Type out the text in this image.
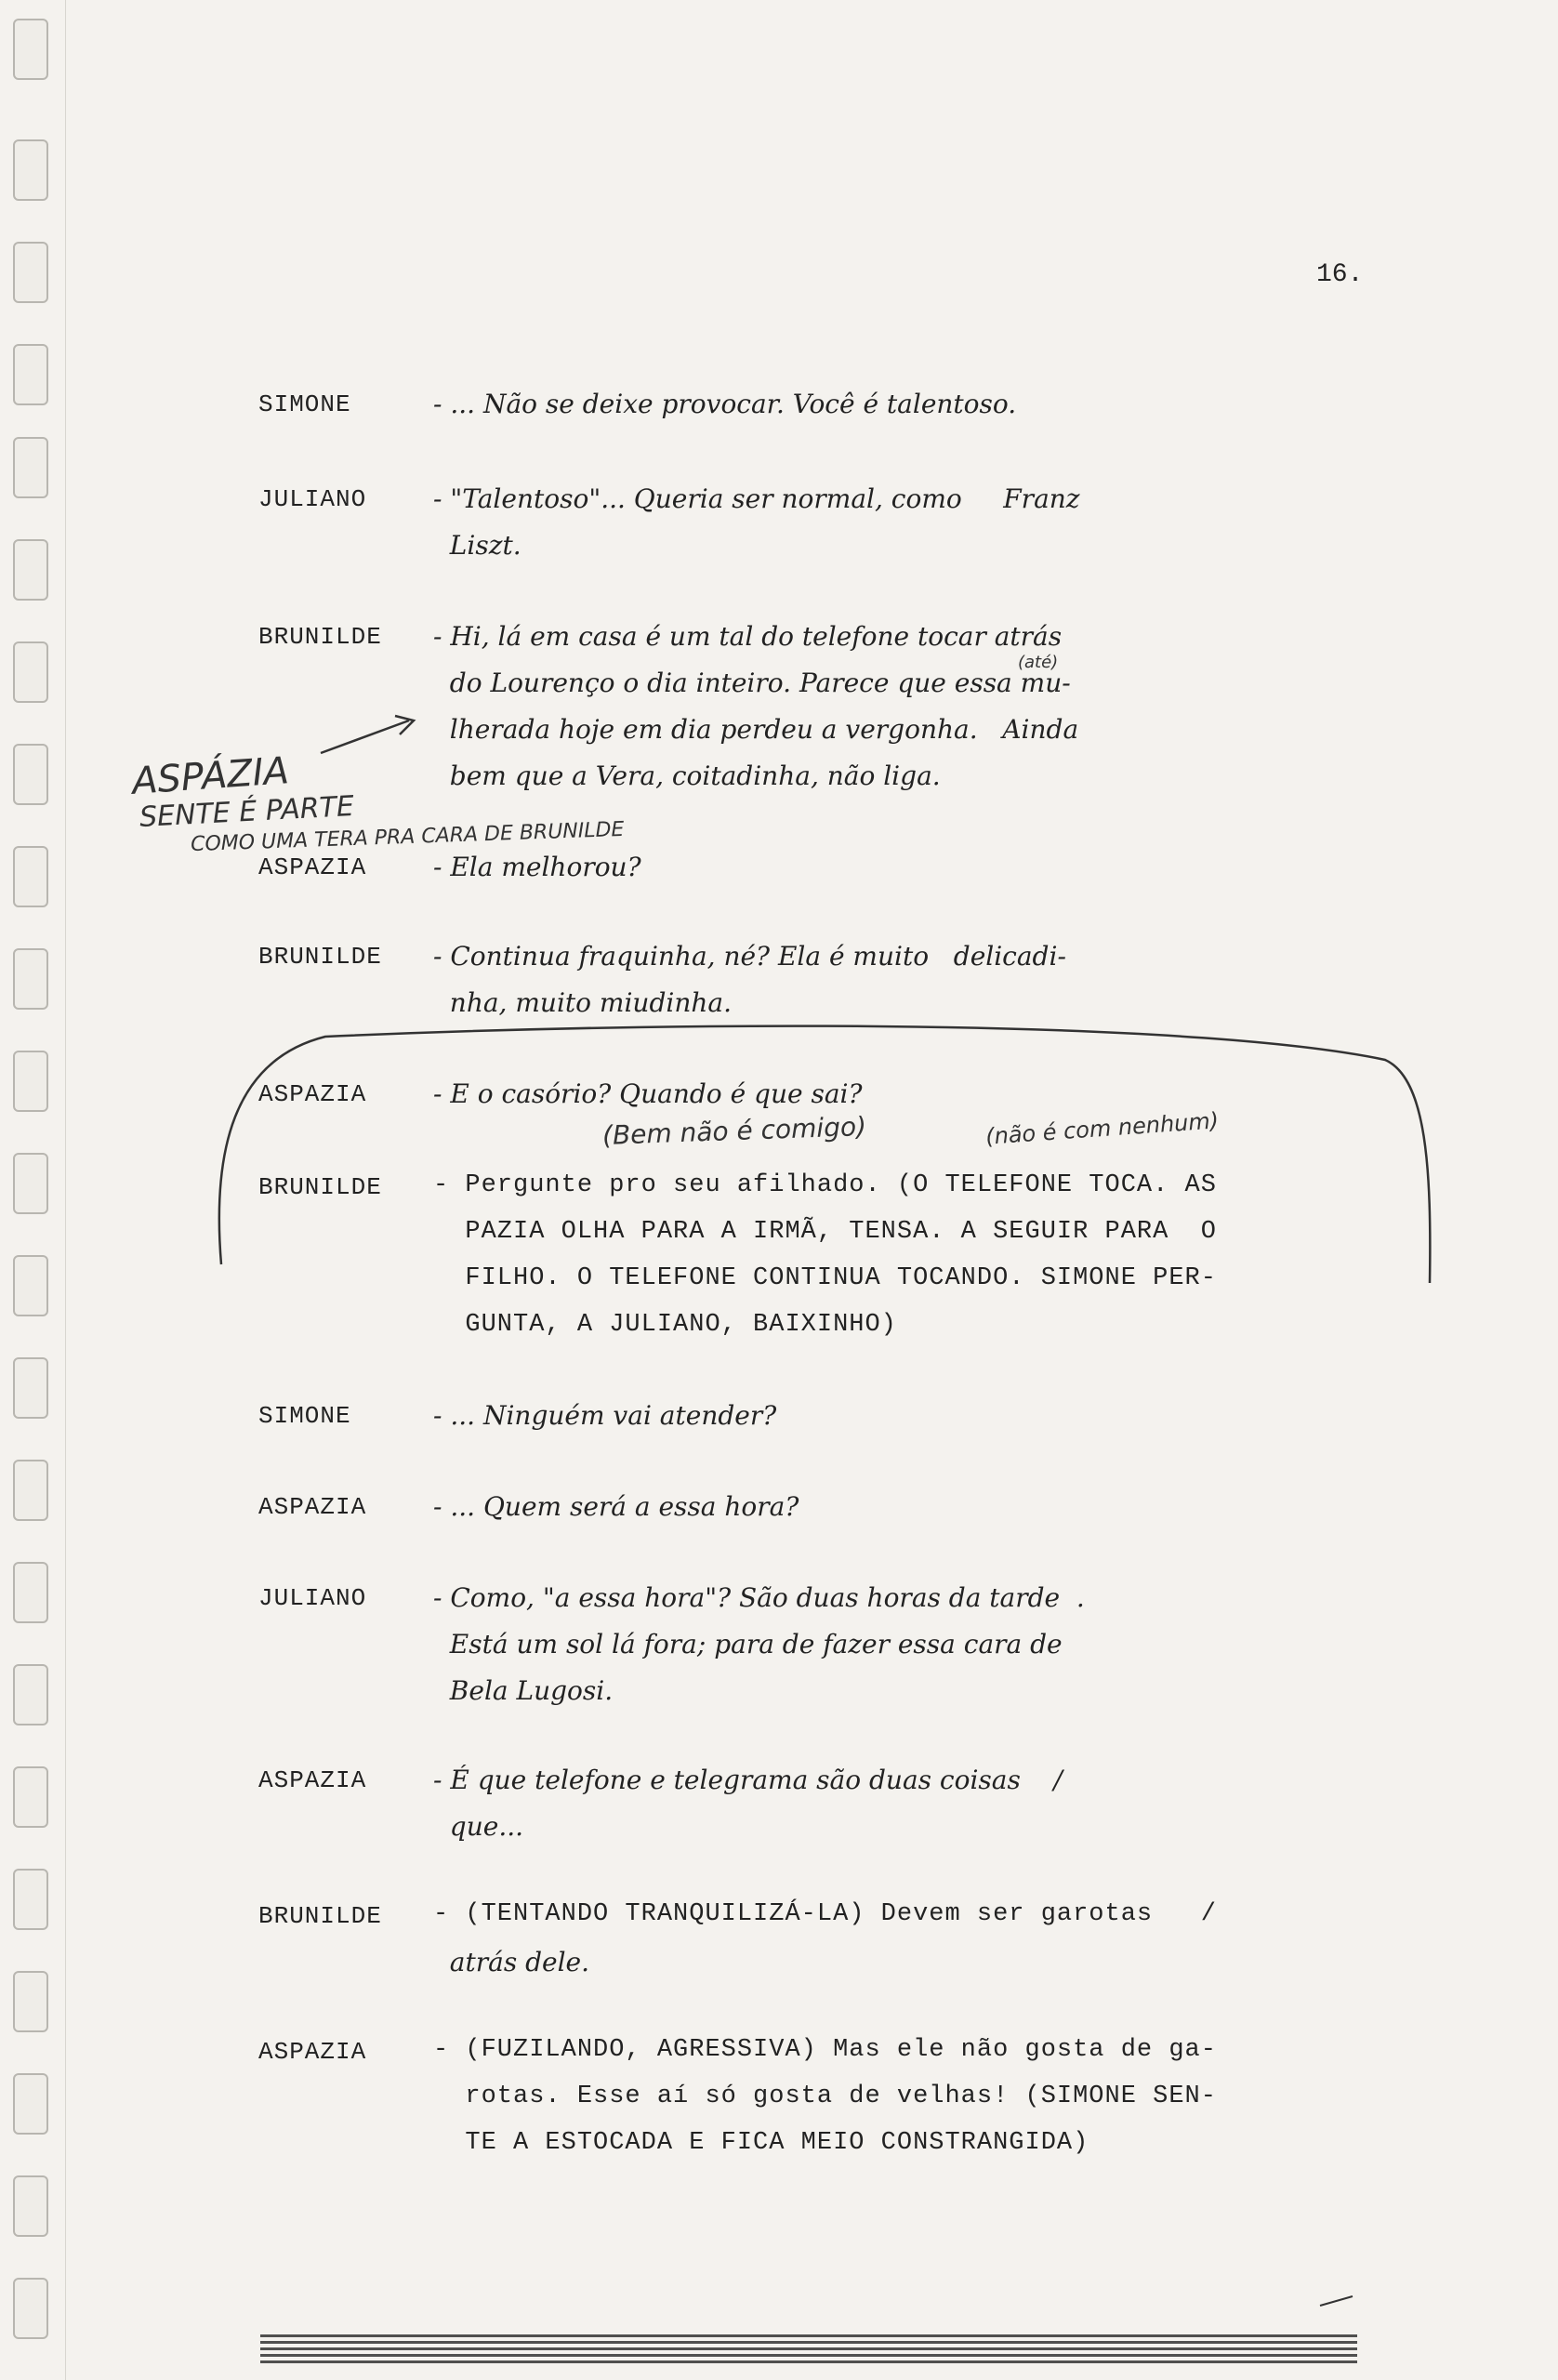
16.
SIMONE	- ... Não se deixe provocar. Você é talentoso.
JULIANO	- "Talentoso"... Queria ser normal, como     Franz
Liszt.
BRUNILDE - Hi, lá em casa é um tal do telefone tocar atrás
do Lourenço o dia inteiro. Parece que essa mu-
lherada hoje em dia perdeu a vergonha.   Ainda
bem que a Vera, coitadinha, não liga.
ASPAZIA	- Ela melhorou?
BRUNILDE - Continua fraquinha, né? Ela é muito   delicadi-
nha, muito miudinha.
ASPAZIA	- E o casório? Quando é que sai?
BRUNILDE - Pergunte pro seu afilhado. (O TELEFONE TOCA. AS
PAZIA OLHA PARA A IRMÃ, TENSA. A SEGUIR PARA  O
FILHO. O TELEFONE CONTINUA TOCANDO. SIMONE PER-
GUNTA, A JULIANO, BAIXINHO)
SIMONE	- ... Ninguém vai atender?
ASPAZIA	- ... Quem será a essa hora?
JULIANO	- Como, "a essa hora"? São duas horas da tarde  .
Está um sol lá fora; para de fazer essa cara de
Bela Lugosi.
ASPAZIA	- É que telefone e telegrama são duas coisas    /
que...
BRUNILDE - (TENTANDO TRANQUILIZÁ-LA) Devem ser garotas   /
atrás dele.
ASPAZIA	- (FUZILANDO, AGRESSIVA) Mas ele não gosta de ga-
rotas. Esse aí só gosta de velhas! (SIMONE SEN-
TE A ESTOCADA E FICA MEIO CONSTRANGIDA)
ASPÁZIA
SENTE É PARTE
COMO UMA TERA PRA CARA DE BRUNILDE
(até)
(Bem não é comigo)	(não é com nenhum)
